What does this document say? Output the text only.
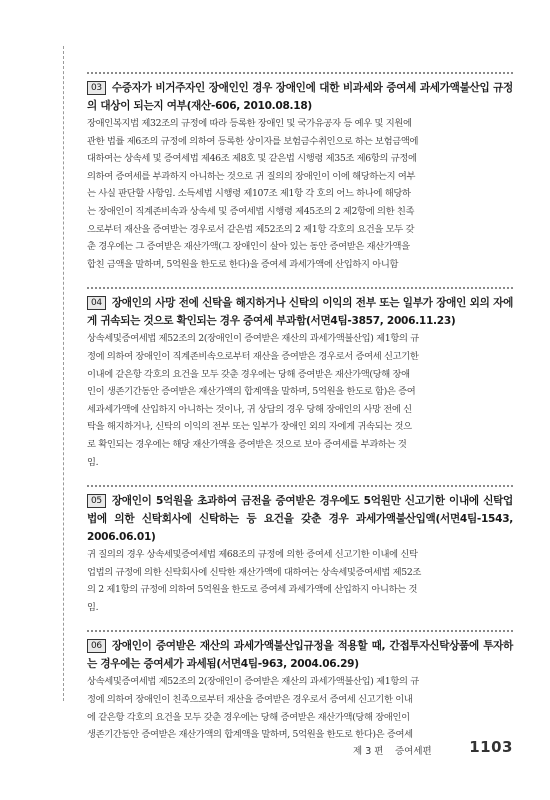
03 수증자가 비거주자인 장애인인 경우 장애인에 대한 비과세와 증여세 과세가액불산입 규정의 대상이 되는지 여부(재산-606, 2010.08.18)

장애인복지법 제32조의 규정에 따라 등록한 장애인 및 국가유공자 등 예우 및 지원에

관한 법률 제6조의 규정에 의하여 등록한 상이자를 보험금수취인으로 하는 보험금액에

대하여는 상속세 및 증여세법 제46조 제8호 및 같은법 시행령 제35조 제6항의 규정에

의하여 증여세를 부과하지 아니하는 것으로 귀 질의의 장애인이 이에 해당하는지 여부

는 사실 판단할 사항임. 소득세법 시행령 제107조 제1항 각 호의 어느 하나에 해당하

는 장애인이 직계존비속과 상속세 및 증여세법 시행령 제45조의 2 제2항에 의한 친족

으로부터 재산을 증여받는 경우로서 같은법 제52조의 2 제1항 각호의 요건을 모두 갖

춘 경우에는 그 증여받은 재산가액(그 장애인이 살아 있는 동안 증여받은 재산가액을

합친 금액을 말하며, 5억원을 한도로 한다)을 증여세 과세가액에 산입하지 아니함

04 장애인의 사망 전에 신탁을 해지하거나 신탁의 이익의 전부 또는 일부가 장애인 외의 자에게 귀속되는 것으로 확인되는 경우 증여세 부과함(서면4팀-3857, 2006.11.23)

상속세및증여세법 제52조의 2(장애인이 증여받은 재산의 과세가액불산입) 제1항의 규

정에 의하여 장애인이 직계존비속으로부터 재산을 증여받은 경우로서 증여세 신고기한

이내에 같은항 각호의 요건을 모두 갖춘 경우에는 당해 증여받은 재산가액(당해 장애

인이 생존기간동안 증여받은 재산가액의 합계액을 말하며, 5억원을 한도로 함)은 증여

세과세가액에 산입하지 아니하는 것이나, 귀 상담의 경우 당해 장애인의 사망 전에 신

탁을 해지하거나, 신탁의 이익의 전부 또는 일부가 장애인 외의 자에게 귀속되는 것으

로 확인되는 경우에는 해당 재산가액을 증여받은 것으로 보아 증여세를 부과하는 것

임.

05 장애인이 5억원을 초과하여 금전을 증여받은 경우에도 5억원만 신고기한 이내에 신탁업법에 의한 신탁회사에 신탁하는 등 요건을 갖춘 경우 과세가액불산입액(서면4팀-1543, 2006.06.01)

귀 질의의 경우 상속세및증여세법 제68조의 규정에 의한 증여세 신고기한 이내에 신탁

업법의 규정에 의한 신탁회사에 신탁한 재산가액에 대하여는 상속세및증여세법 제52조

의 2 제1항의 규정에 의하여 5억원을 한도로 증여세 과세가액에 산입하지 아니하는 것

임.

06 장애인이 증여받은 재산의 과세가액불산입규정을 적용할 때, 간접투자신탁상품에 투자하는 경우에는 증여세가 과세됨(서면4팀-963, 2004.06.29)

상속세및증여세법 제52조의 2(장애인이 증여받은 재산의 과세가액불산입) 제1항의 규

정에 의하여 장애인이 친족으로부터 재산을 증여받은 경우로서 증여세 신고기한 이내

에 같은항 각호의 요건을 모두 갖춘 경우에는 당해 증여받은 재산가액(당해 장애인이

생존기간동안 증여받은 재산가액의 합계액을 말하며, 5억원을 한도로 한다)은 증여세

제 3 편 증여세편	1103
